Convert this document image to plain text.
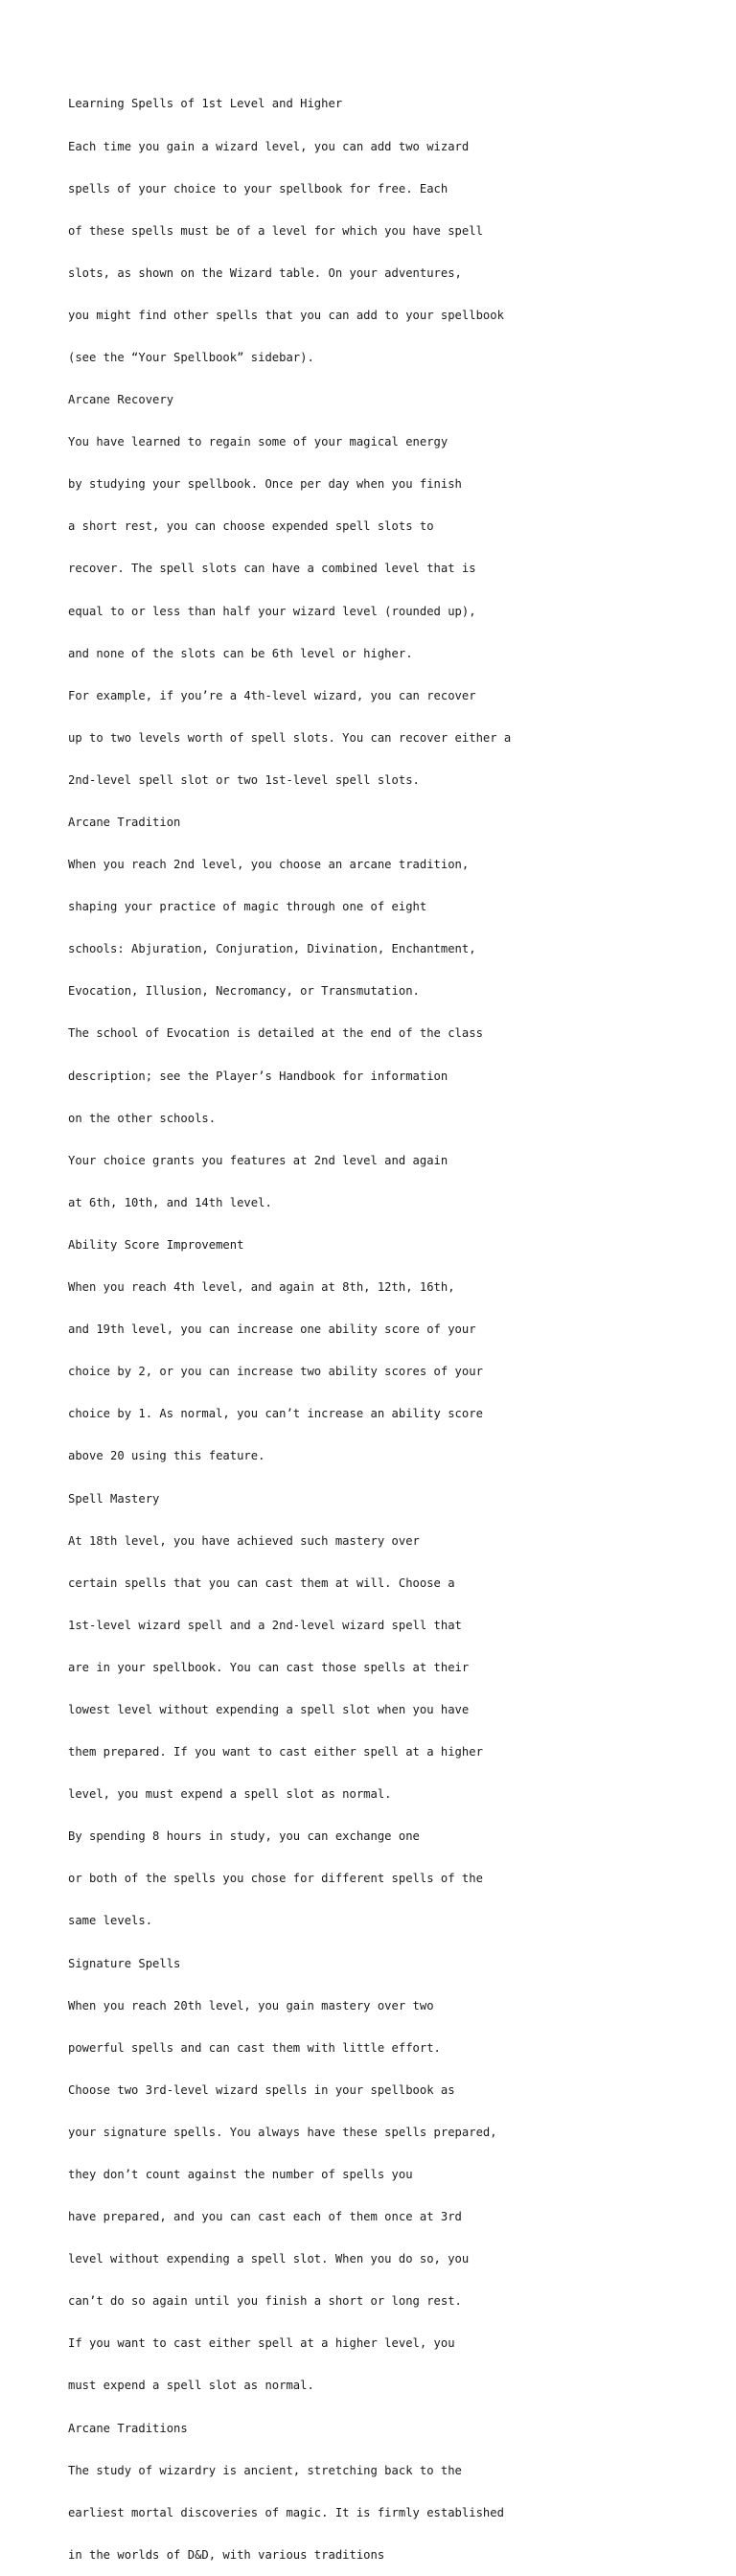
Learning Spells of 1st Level and Higher

Each time you gain a wizard level, you can add two wizard

spells of your choice to your spellbook for free. Each

of these spells must be of a level for which you have spell

slots, as shown on the Wizard table. On your adventures,

you might find other spells that you can add to your spellbook

(see the “Your Spellbook” sidebar).

Arcane Recovery

You have learned to regain some of your magical energy

by studying your spellbook. Once per day when you finish

a short rest, you can choose expended spell slots to

recover. The spell slots can have a combined level that is

equal to or less than half your wizard level (rounded up),

and none of the slots can be 6th level or higher.

For example, if you’re a 4th-level wizard, you can recover

up to two levels worth of spell slots. You can recover either a

2nd-level spell slot or two 1st-level spell slots.

Arcane Tradition

When you reach 2nd level, you choose an arcane tradition,

shaping your practice of magic through one of eight

schools: Abjuration, Conjuration, Divination, Enchantment,

Evocation, Illusion, Necromancy, or Transmutation.

The school of Evocation is detailed at the end of the class

description; see the Player’s Handbook for information

on the other schools.

Your choice grants you features at 2nd level and again

at 6th, 10th, and 14th level.

Ability Score Improvement

When you reach 4th level, and again at 8th, 12th, 16th,

and 19th level, you can increase one ability score of your

choice by 2, or you can increase two ability scores of your

choice by 1. As normal, you can’t increase an ability score

above 20 using this feature.

Spell Mastery

At 18th level, you have achieved such mastery over

certain spells that you can cast them at will. Choose a

1st-level wizard spell and a 2nd-level wizard spell that

are in your spellbook. You can cast those spells at their

lowest level without expending a spell slot when you have

them prepared. If you want to cast either spell at a higher

level, you must expend a spell slot as normal.

By spending 8 hours in study, you can exchange one

or both of the spells you chose for different spells of the

same levels.

Signature Spells

When you reach 20th level, you gain mastery over two

powerful spells and can cast them with little effort.

Choose two 3rd-level wizard spells in your spellbook as

your signature spells. You always have these spells prepared,

they don’t count against the number of spells you

have prepared, and you can cast each of them once at 3rd

level without expending a spell slot. When you do so, you

can’t do so again until you finish a short or long rest.

If you want to cast either spell at a higher level, you

must expend a spell slot as normal.

Arcane Traditions

The study of wizardry is ancient, stretching back to the

earliest mortal discoveries of magic. It is firmly established

in the worlds of D&D, with various traditions
